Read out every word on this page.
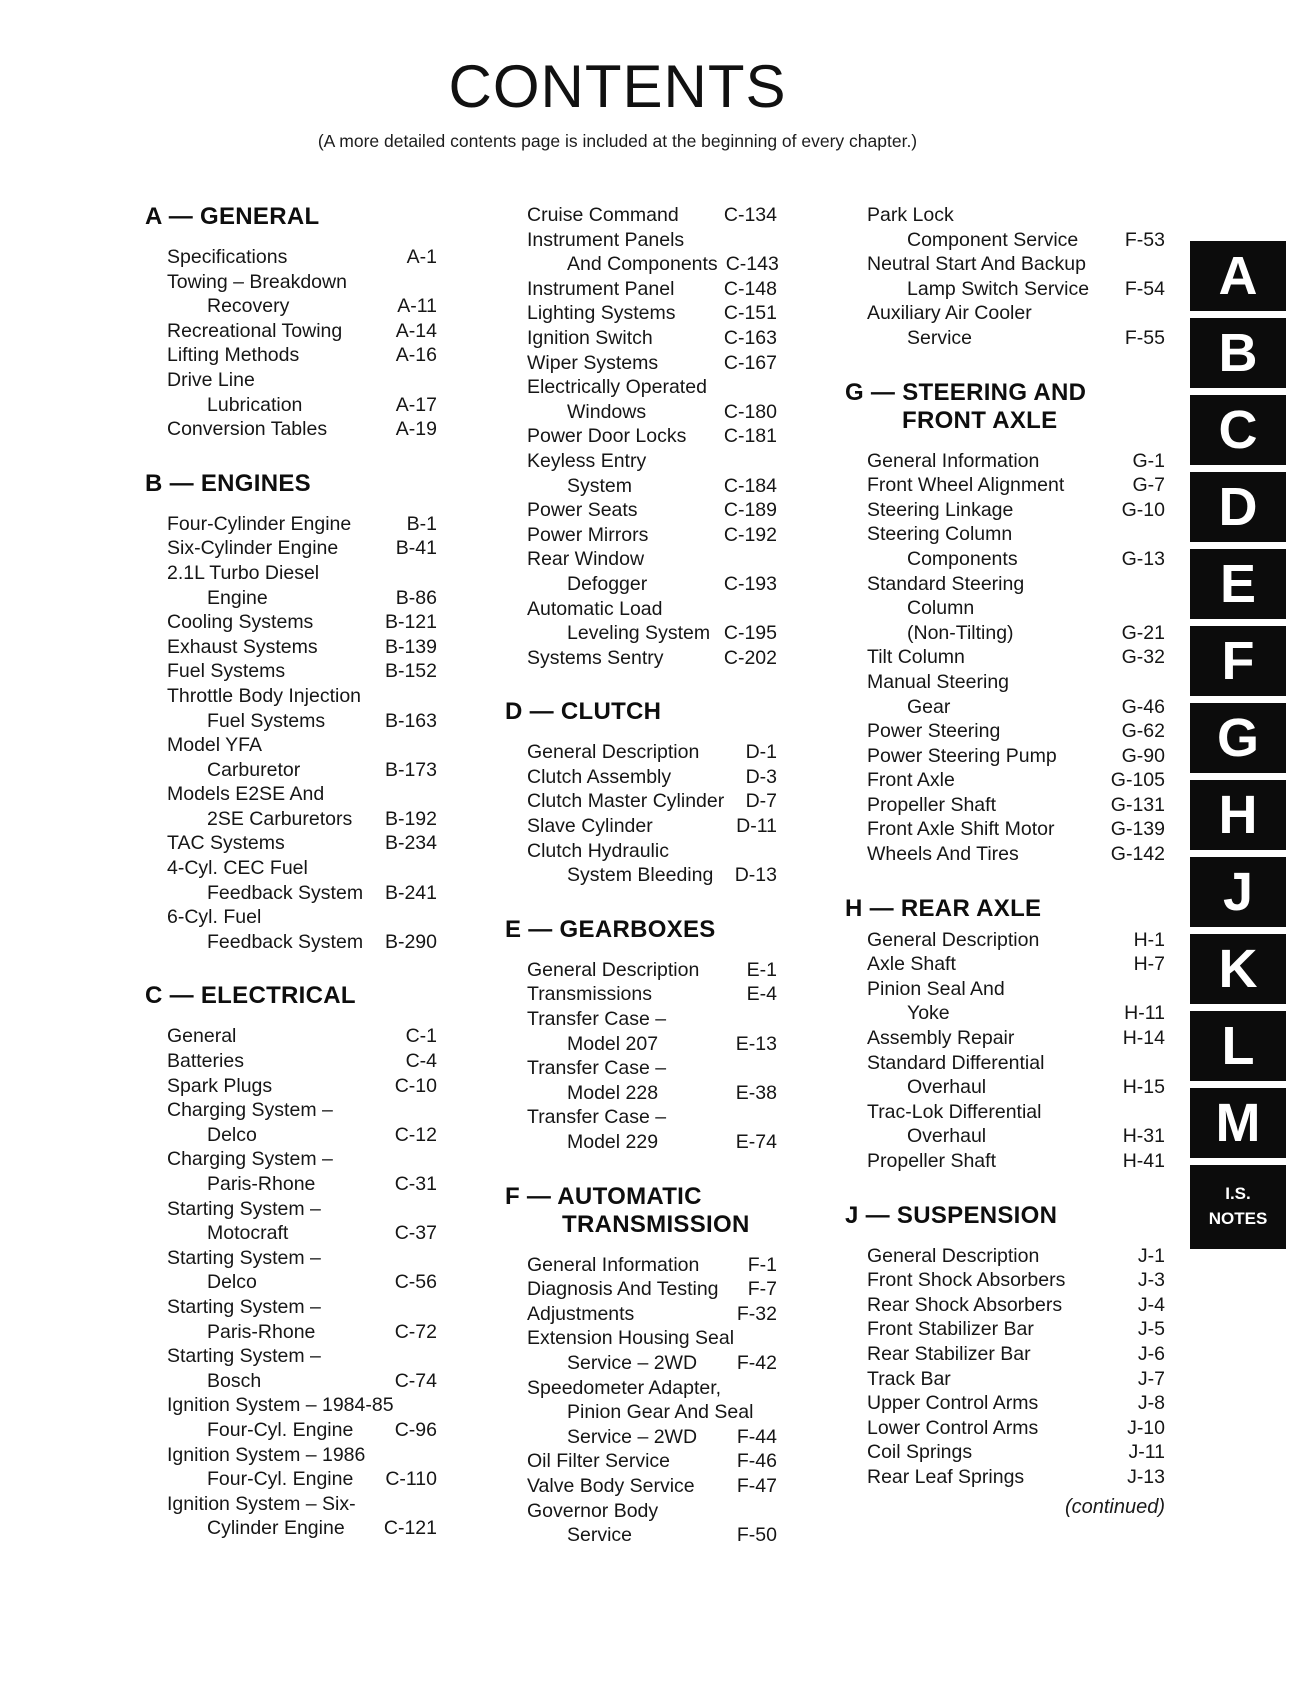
CONTENTS
(A more detailed contents page is included at the beginning of every chapter.)
A — GENERAL
Specifications	A-1
Towing – Breakdown
Recovery	A-11
Recreational Towing	A-14
Lifting Methods	A-16
Drive Line
Lubrication	A-17
Conversion Tables	A-19
B — ENGINES
Four-Cylinder Engine	B-1
Six-Cylinder Engine	B-41
2.1L Turbo Diesel
Engine	B-86
Cooling Systems	B-121
Exhaust Systems	B-139
Fuel Systems	B-152
Throttle Body Injection
Fuel Systems	B-163
Model YFA
Carburetor	B-173
Models E2SE And
2SE Carburetors	B-192
TAC Systems	B-234
4-Cyl. CEC Fuel
Feedback System	B-241
6-Cyl. Fuel
Feedback System	B-290
C — ELECTRICAL
General	C-1
Batteries	C-4
Spark Plugs	C-10
Charging System –
Delco	C-12
Charging System –
Paris-Rhone	C-31
Starting System –
Motocraft	C-37
Starting System –
Delco	C-56
Starting System –
Paris-Rhone	C-72
Starting System –
Bosch	C-74
Ignition System – 1984-85
Four-Cyl. Engine	C-96
Ignition System – 1986
Four-Cyl. Engine	C-110
Ignition System – Six-
Cylinder Engine	C-121
Cruise Command	C-134
Instrument Panels
And Components C-143
Instrument Panel	C-148
Lighting Systems	C-151
Ignition Switch	C-163
Wiper Systems	C-167
Electrically Operated
Windows	C-180
Power Door Locks	C-181
Keyless Entry
System	C-184
Power Seats	C-189
Power Mirrors	C-192
Rear Window
Defogger	C-193
Automatic Load
Leveling System C-195
Systems Sentry	C-202
D — CLUTCH
General Description	D-1
Clutch Assembly	D-3
Clutch Master Cylinder	D-7
Slave Cylinder	D-11
Clutch Hydraulic
System Bleeding	D-13
E — GEARBOXES
General Description	E-1
Transmissions	E-4
Transfer Case –
Model 207	E-13
Transfer Case –
Model 228	E-38
Transfer Case –
Model 229	E-74
F — AUTOMATIC
TRANSMISSION
General Information	F-1
Diagnosis And Testing	F-7
Adjustments	F-32
Extension Housing Seal
Service – 2WD	F-42
Speedometer Adapter,
Pinion Gear And Seal
Service – 2WD	F-44
Oil Filter Service	F-46
Valve Body Service	F-47
Governor Body
Service	F-50
Park Lock
Component Service	F-53
Neutral Start And Backup
Lamp Switch Service	F-54
Auxiliary Air Cooler
Service	F-55
G — STEERING AND
FRONT AXLE
General Information	G-1
Front Wheel Alignment	G-7
Steering Linkage	G-10
Steering Column
Components	G-13
Standard Steering
Column
(Non-Tilting)	G-21
Tilt Column	G-32
Manual Steering
Gear	G-46
Power Steering	G-62
Power Steering Pump	G-90
Front Axle	G-105
Propeller Shaft	G-131
Front Axle Shift Motor	G-139
Wheels And Tires	G-142
H — REAR AXLE
General Description	H-1
Axle Shaft	H-7
Pinion Seal And
Yoke	H-11
Assembly Repair	H-14
Standard Differential
Overhaul	H-15
Trac-Lok Differential
Overhaul	H-31
Propeller Shaft	H-41
J — SUSPENSION
General Description	J-1
Front Shock Absorbers	J-3
Rear Shock Absorbers	J-4
Front Stabilizer Bar	J-5
Rear Stabilizer Bar	J-6
Track Bar	J-7
Upper Control Arms	J-8
Lower Control Arms	J-10
Coil Springs	J-11
Rear Leaf Springs	J-13
A
B
C
D
E
F
G
H
J
K
L
M
I.S.
NOTES
(continued)
